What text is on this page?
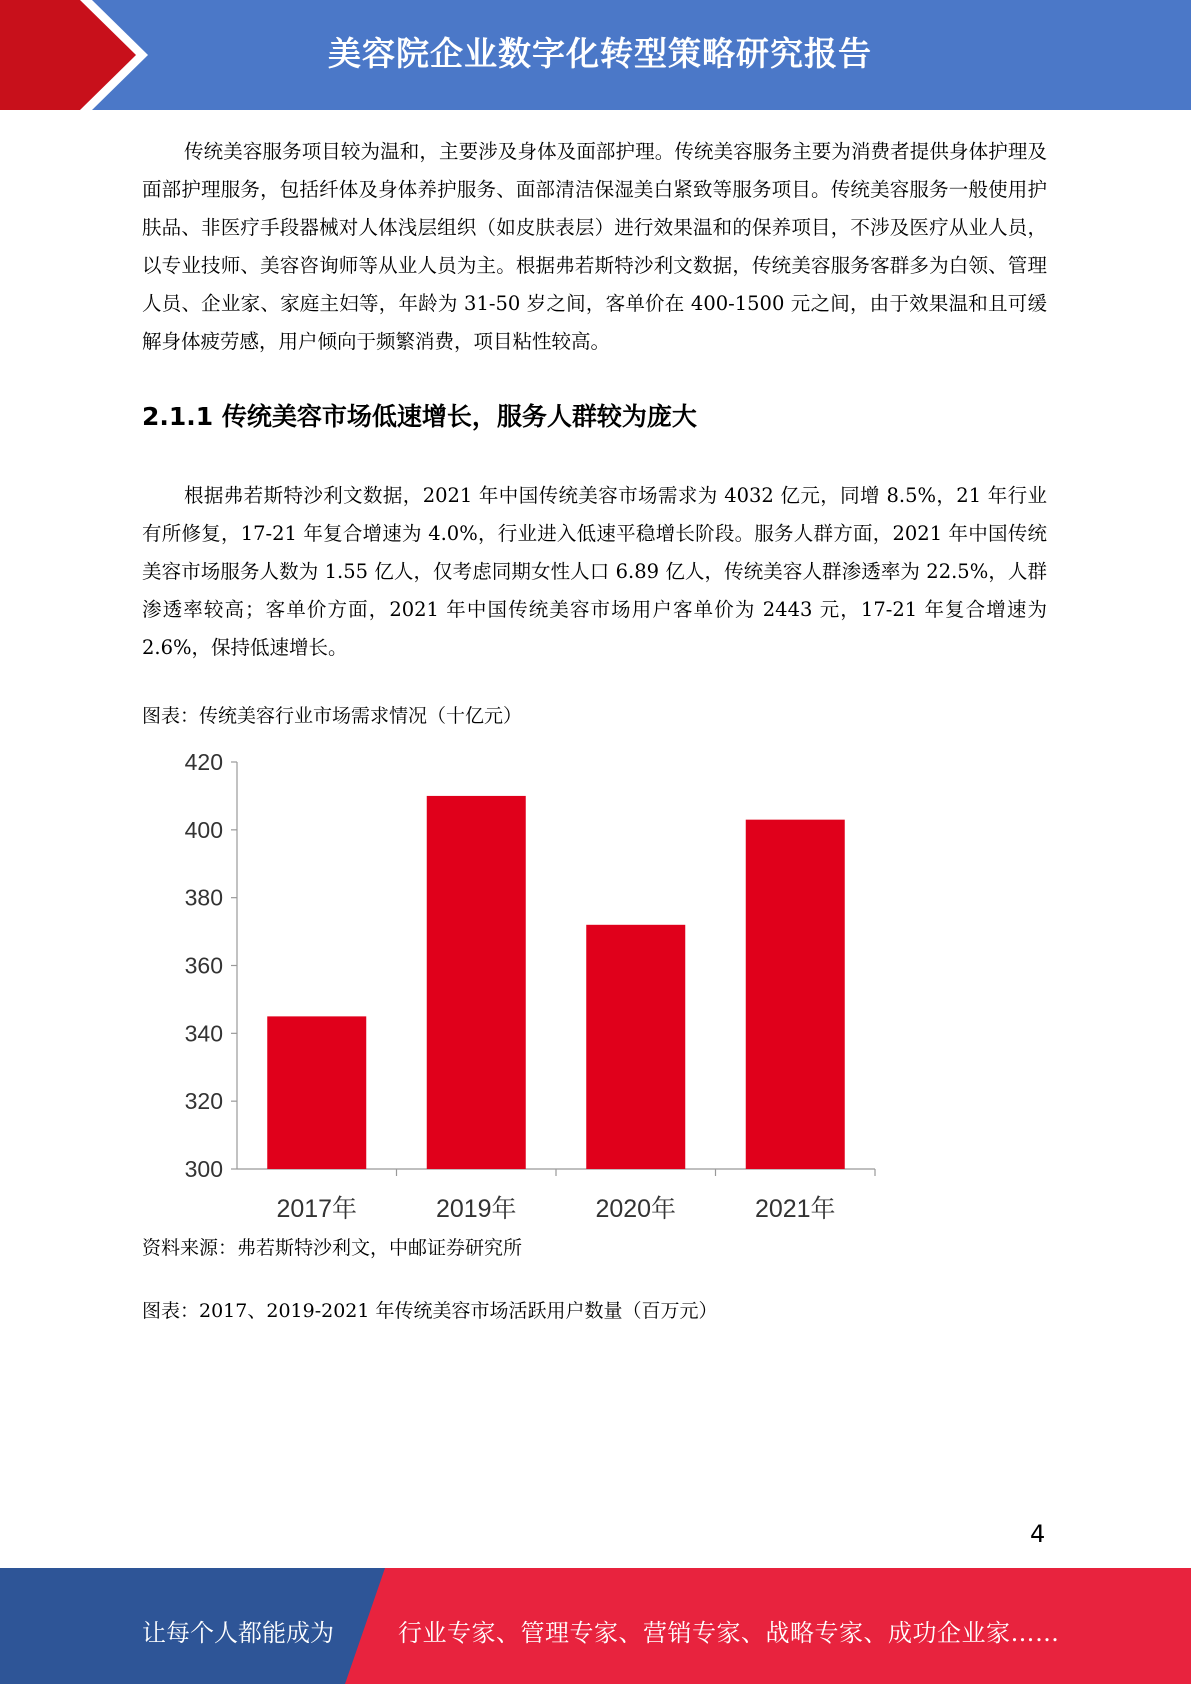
美容院企业数字化转型策略研究报告

传统美容服务项目较为温和，主要涉及身体及面部护理。传统美容服务主要为消费者提供身体护理及面部护理服务，包括纤体及身体养护服务、面部清洁保湿美白紧致等服务项目。传统美容服务一般使用护肤品、非医疗手段器械对人体浅层组织（如皮肤表层）进行效果温和的保养项目，不涉及医疗从业人员，以专业技师、美容咨询师等从业人员为主。根据弗若斯特沙利文数据，传统美容服务客群多为白领、管理人员、企业家、家庭主妇等，年龄为 31-50 岁之间，客单价在 400-1500 元之间，由于效果温和且可缓解身体疲劳感，用户倾向于频繁消费，项目粘性较高。

2.1.1 传统美容市场低速增长，服务人群较为庞大

根据弗若斯特沙利文数据，2021 年中国传统美容市场需求为 4032 亿元，同增 8.5%，21 年行业有所修复，17-21 年复合增速为 4.0%，行业进入低速平稳增长阶段。服务人群方面，2021 年中国传统美容市场服务人数为 1.55 亿人，仅考虑同期女性人口 6.89 亿人，传统美容人群渗透率为 22.5%，人群渗透率较高；客单价方面，2021 年中国传统美容市场用户客单价为 2443 元，17-21 年复合增速为 2.6%，保持低速增长。

图表：传统美容行业市场需求情况（十亿元）
300
320
340
360
380
400
420
2017年	2019年	2020年	2021年
资料来源：弗若斯特沙利文，中邮证券研究所
图表：2017、2019-2021 年传统美容市场活跃用户数量（百万元）
4
让每个人都能成为	行业专家、管理专家、营销专家、战略专家、成功企业家……
